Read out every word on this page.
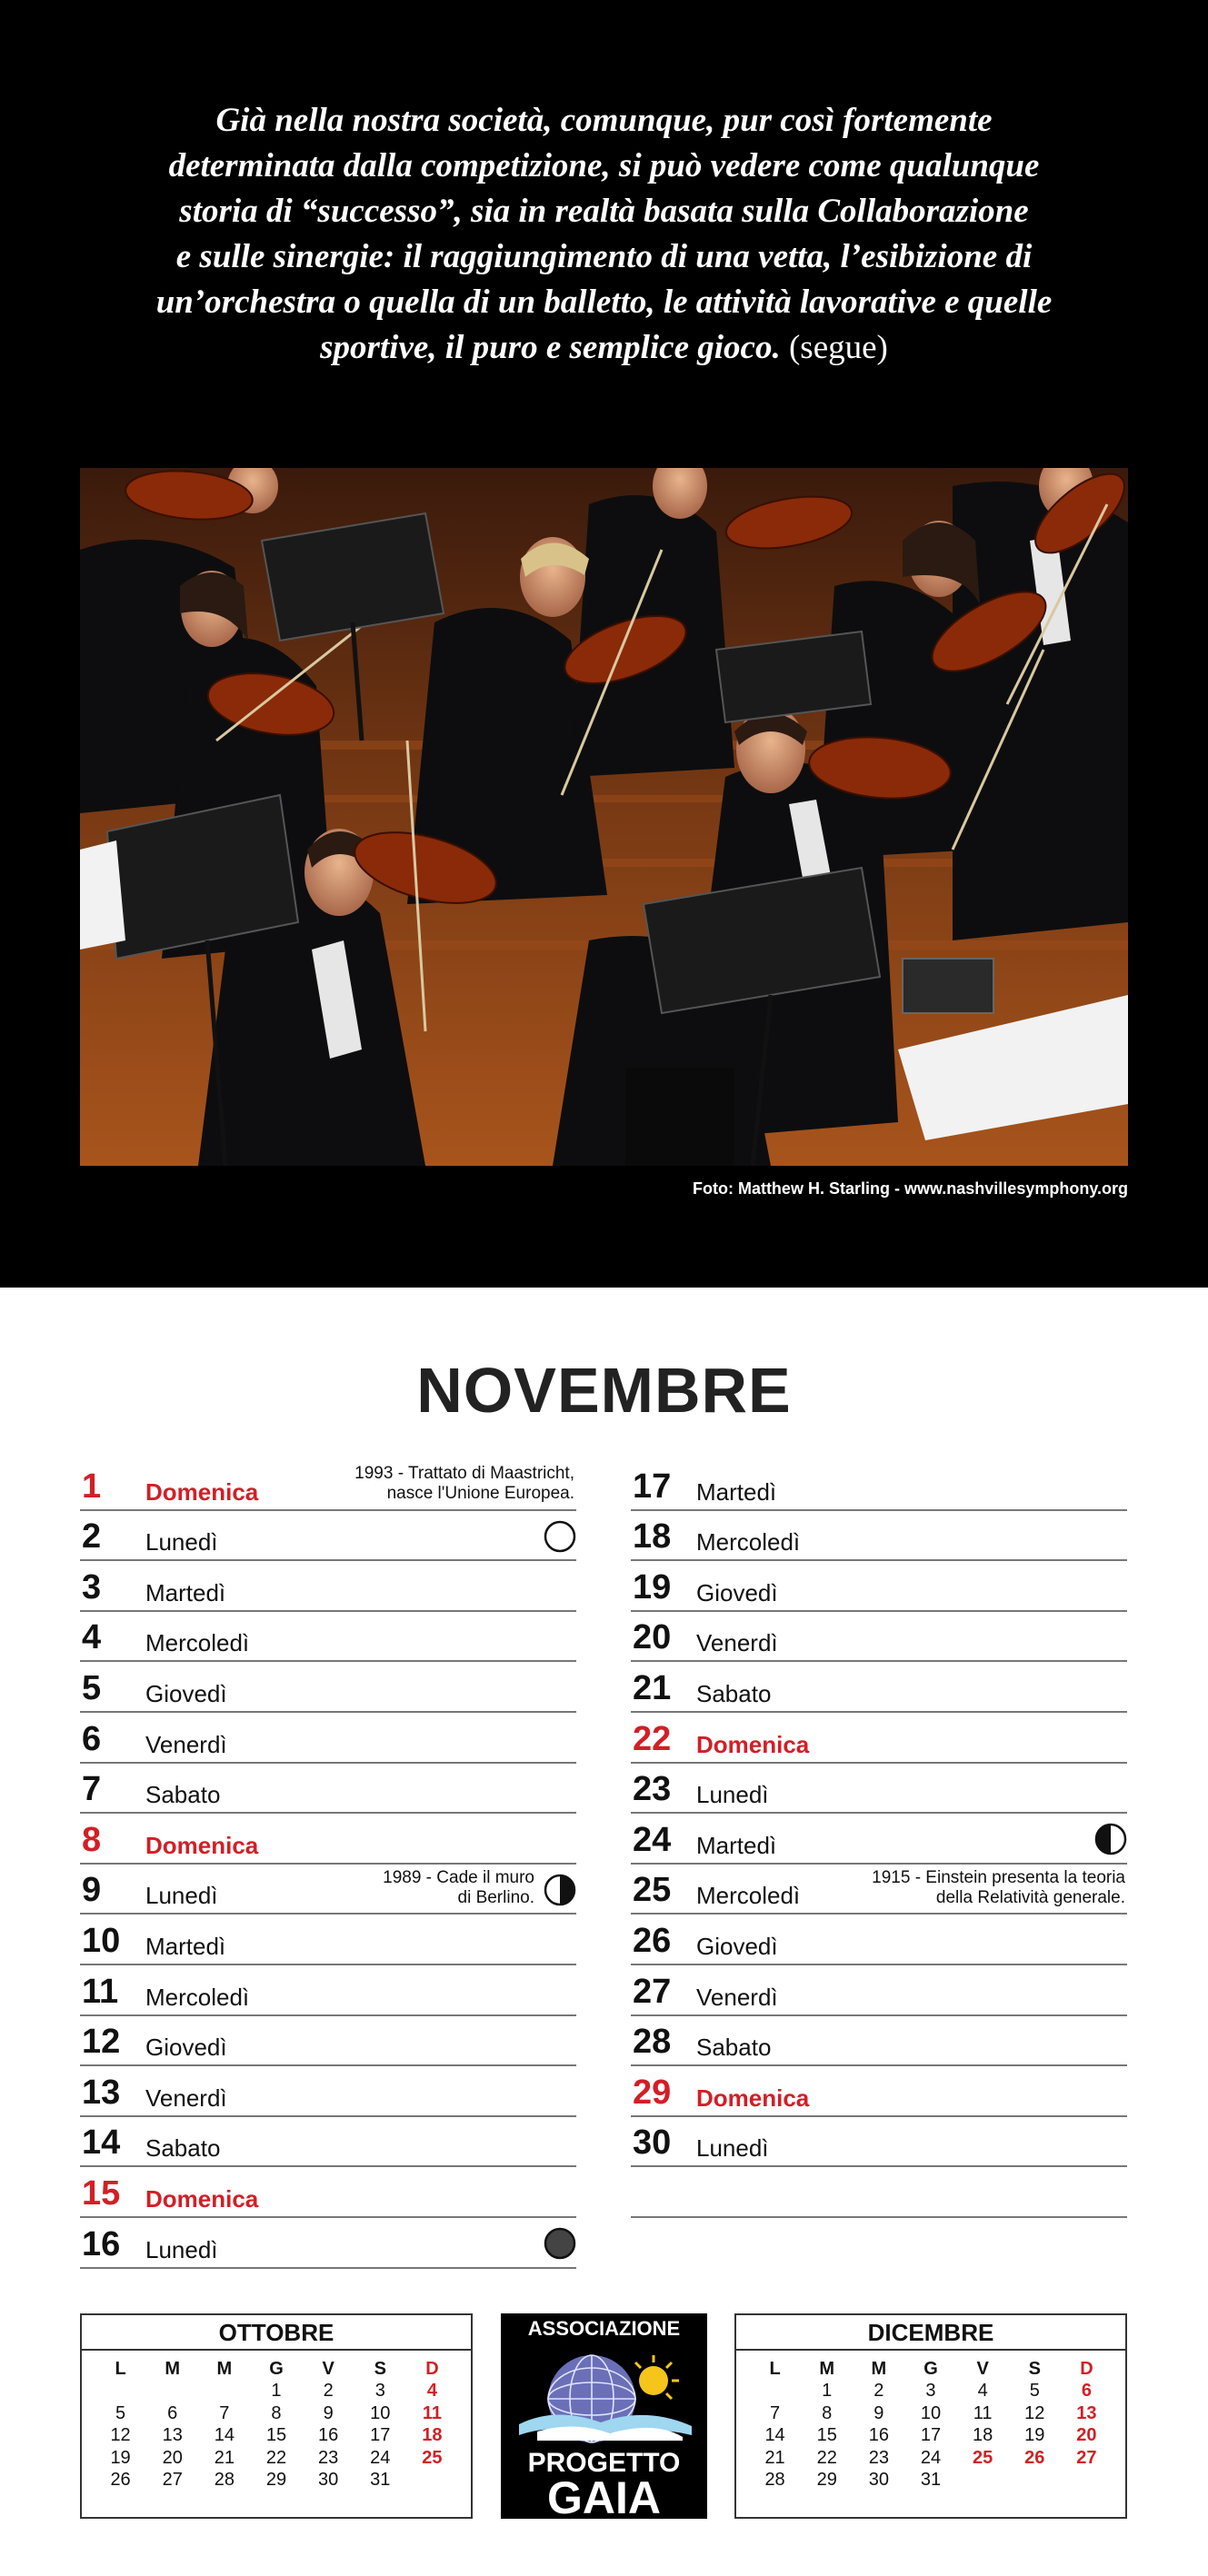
Già nella nostra società, comunque, pur così fortemente
determinata dalla competizione, si può vedere come qualunque
storia di “successo”, sia in realtà basata sulla Collaborazione
e sulle sinergie: il raggiungimento di una vetta, l’esibizione di
un’orchestra o quella di un balletto, le attività lavorative e quelle
sportive, il puro e semplice gioco. (segue)
Foto: Matthew H. Starling - www.nashvillesymphony.org
NOVEMBRE
1 Domenica
1993 - Trattato di Maastricht,
nasce l'Unione Europea.
2 Lunedì
3 Martedì
4 Mercoledì
5 Giovedì
6 Venerdì
7 Sabato
8 Domenica
9 Lunedì
1989 - Cade il muro
di Berlino.
10 Martedì
11 Mercoledì
12 Giovedì
13 Venerdì
14 Sabato
15 Domenica
16 Lunedì
17 Martedì
18 Mercoledì
19 Giovedì
20 Venerdì
21 Sabato
22 Domenica
23 Lunedì
24 Martedì
25 Mercoledì
1915 - Einstein presenta la teoria
della Relatività generale.
26 Giovedì
27 Venerdì
28 Sabato
29 Domenica
30 Lunedì
OTTOBRE
L	M	M	G	V	S	D
			1	2	3	4
5	6	7	8	9	10	11
12	13	14	15	16	17	18
19	20	21	22	23	24	25
26	27	28	29	30	31	
ASSOCIAZIONE
PROGETTO
GAIA
DICEMBRE
L	M	M	G	V	S	D
	1	2	3	4	5	6
7	8	9	10	11	12	13
14	15	16	17	18	19	20
21	22	23	24	25	26	27
28	29	30	31			
